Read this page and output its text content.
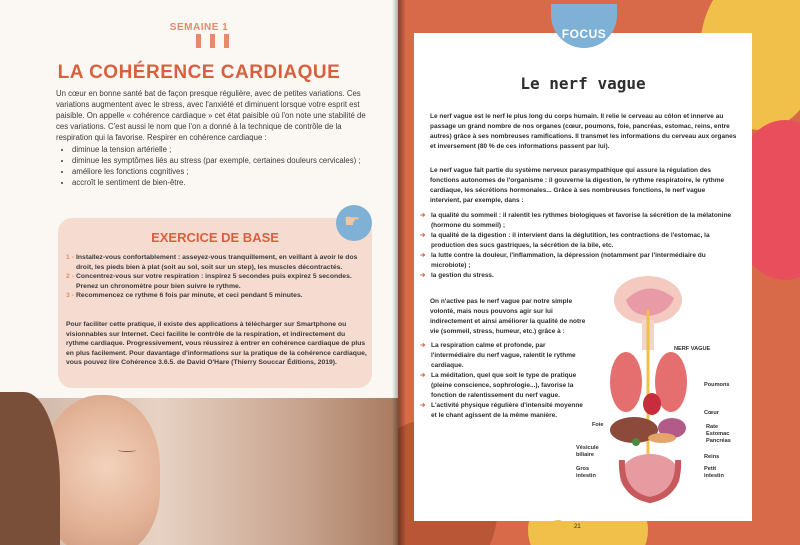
SEMAINE 1
LA COHÉRENCE CARDIAQUE

Un cœur en bonne santé bat de façon presque régulière, avec de petites variations. Ces variations augmentent avec le stress, avec l'anxiété et diminuent lorsque votre esprit est paisible. On appelle « cohérence cardiaque » cet état paisible où l'on note une stabilité de ces variations. C'est aussi le nom que l'on a donné à la technique de contrôle de la respiration qui la favorise. Respirer en cohérence cardiaque :

• diminue la tension artérielle ;
• diminue les symptômes liés au stress (par exemple, certaines douleurs cervicales) ;
• améliore les fonctions cognitives ;
• accroît le sentiment de bien-être.
☛
EXERCICE DE BASE
1 - Installez-vous confortablement : asseyez-vous tranquillement, en veillant à avoir le dos droit, les pieds bien à plat (soit au sol, soit sur un step), les muscles décontractés.
2 - Concentrez-vous sur votre respiration : inspirez 5 secondes puis expirez 5 secondes. Prenez un chronomètre pour bien suivre le rythme.
3 - Recommencez ce rythme 6 fois par minute, et ceci pendant 5 minutes.

Pour faciliter cette pratique, il existe des applications à télécharger sur Smartphone ou visionnables sur Internet. Ceci facilite le contrôle de la respiration, et indirectement du rythme cardiaque. Progressivement, vous réussirez à entrer en cohérence cardiaque de plus en plus facilement. Pour davantage d'informations sur la pratique de la cohérence cardiaque, vous pouvez lire Cohérence 3.6.5. de David O'Hare (Thierry Souccar Éditions, 2019).

FOCUS
Le nerf vague

Le nerf vague est le nerf le plus long du corps humain. Il relie le cerveau au côlon et innerve au passage un grand nombre de nos organes (cœur, poumons, foie, pancréas, estomac, reins, entre autres) grâce à ses nombreuses ramifications. Il transmet les informations du cerveau aux organes et inversement (80 % de ces informations passent par lui).

Le nerf vague fait partie du système nerveux parasympathique qui assure la régulation des fonctions autonomes de l'organisme : il gouverne la digestion, le rythme respiratoire, le rythme cardiaque, les sécrétions hormonales... Grâce à ses nombreuses fonctions, le nerf vague intervient, par exemple, dans :

➔ la qualité du sommeil : il ralentit les rythmes biologiques et favorise la sécrétion de la mélatonine (hormone du sommeil) ;
➔ la qualité de la digestion : il intervient dans la déglutition, les contractions de l'estomac, la production des sucs gastriques, la sécrétion de la bile, etc.
➔ la lutte contre la douleur, l'inflammation, la dépression (notamment par l'intermédiaire du microbiote) ;
➔ la gestion du stress.

On n'active pas le nerf vague par notre simple volonté, mais nous pouvons agir sur lui indirectement et ainsi améliorer la qualité de notre vie (sommeil, stress, humeur, etc.) grâce à :

➔ La respiration calme et profonde, par l'intermédiaire du nerf vague, ralentit le rythme cardiaque.
➔ La méditation, quel que soit le type de pratique (pleine conscience, sophrologie...), favorise la fonction de ralentissement du nerf vague.
➔ L'activité physique régulière d'intensité moyenne et le chant agissent de la même manière.
NERF VAGUE
Poumons
Cœur
Rate
Estomac
Pancréas
Foie
Vésicule biliaire	Reins
Gros intestin
Petit intestin
21
